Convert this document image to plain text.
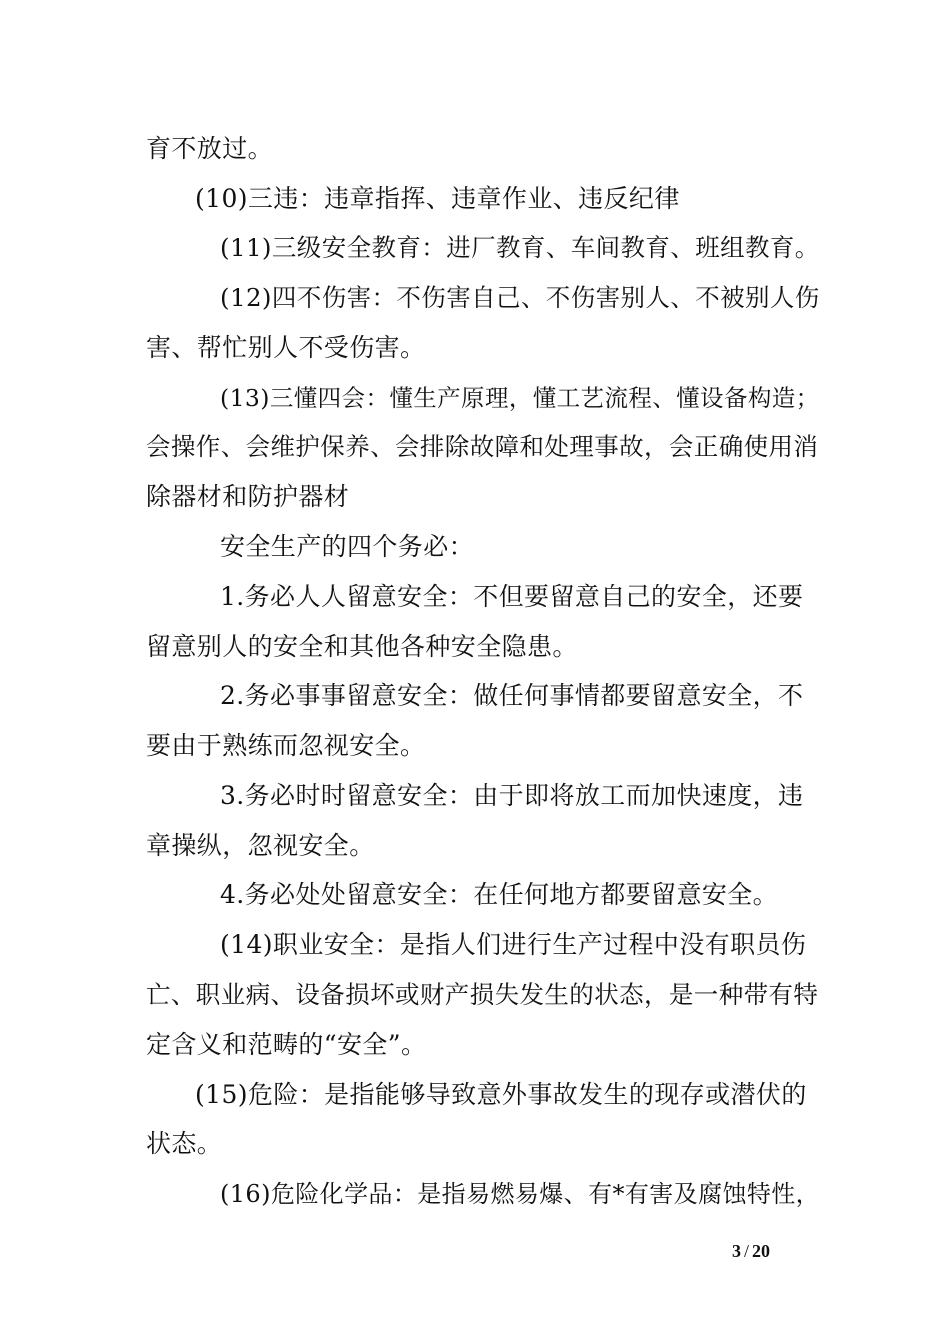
育不放过。
(10)三违：违章指挥、违章作业、违反纪律
(11)三级安全教育：进厂教育、车间教育、班组教育。
(12)四不伤害：不伤害自己、不伤害别人、不被别人伤
害、帮忙别人不受伤害。
(13)三懂四会：懂生产原理，懂工艺流程、懂设备构造；
会操作、会维护保养、会排除故障和处理事故，会正确使用消
除器材和防护器材
安全生产的四个务必：
1.务必人人留意安全：不但要留意自己的安全，还要
留意别人的安全和其他各种安全隐患。
2.务必事事留意安全：做任何事情都要留意安全，不
要由于熟练而忽视安全。
3.务必时时留意安全：由于即将放工而加快速度，违
章操纵，忽视安全。
4.务必处处留意安全：在任何地方都要留意安全。
(14)职业安全：是指人们进行生产过程中没有职员伤
亡、职业病、设备损坏或财产损失发生的状态，是一种带有特
定含义和范畴的“安全”。
(15)危险：是指能够导致意外事故发生的现存或潜伏的
状态。
(16)危险化学品：是指易燃易爆、有*有害及腐蚀特性，
3 / 20
